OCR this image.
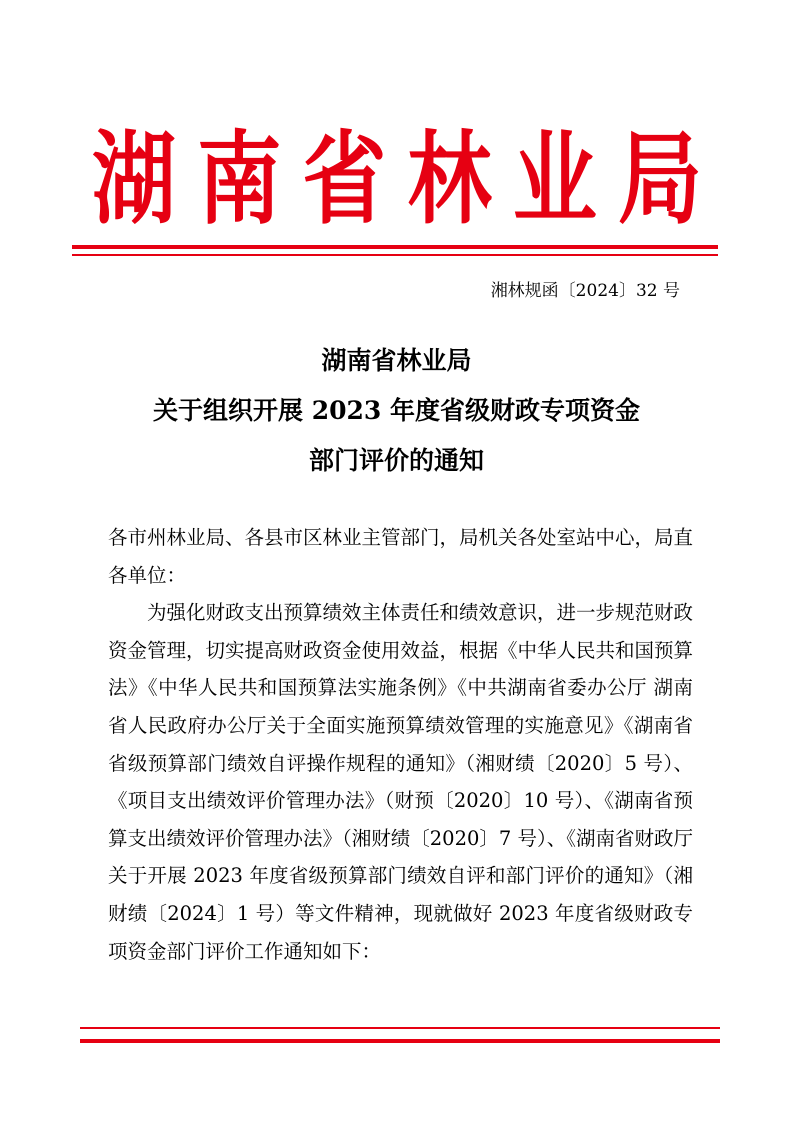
湖 南 省 林 业 局
湘林规函〔2024〕32 号
湖南省林业局
关于组织开展 2023 年度省级财政专项资金
部门评价的通知

各市州林业局、各县市区林业主管部门，局机关各处室站中心，局直各单位：

为强化财政支出预算绩效主体责任和绩效意识，进一步规范财政资金管理，切实提高财政资金使用效益，根据《中华人民共和国预算法》《中华人民共和国预算法实施条例》《中共湖南省委办公厅 湖南省人民政府办公厅关于全面实施预算绩效管理的实施意见》《湖南省省级预算部门绩效自评操作规程的通知》（湘财绩〔2020〕5 号）、《项目支出绩效评价管理办法》（财预〔2020〕10 号）、《湖南省预算支出绩效评价管理办法》（湘财绩〔2020〕7 号）、《湖南省财政厅关于开展 2023 年度省级预算部门绩效自评和部门评价的通知》（湘财绩〔2024〕1 号）等文件精神，现就做好 2023 年度省级财政专项资金部门评价工作通知如下：
